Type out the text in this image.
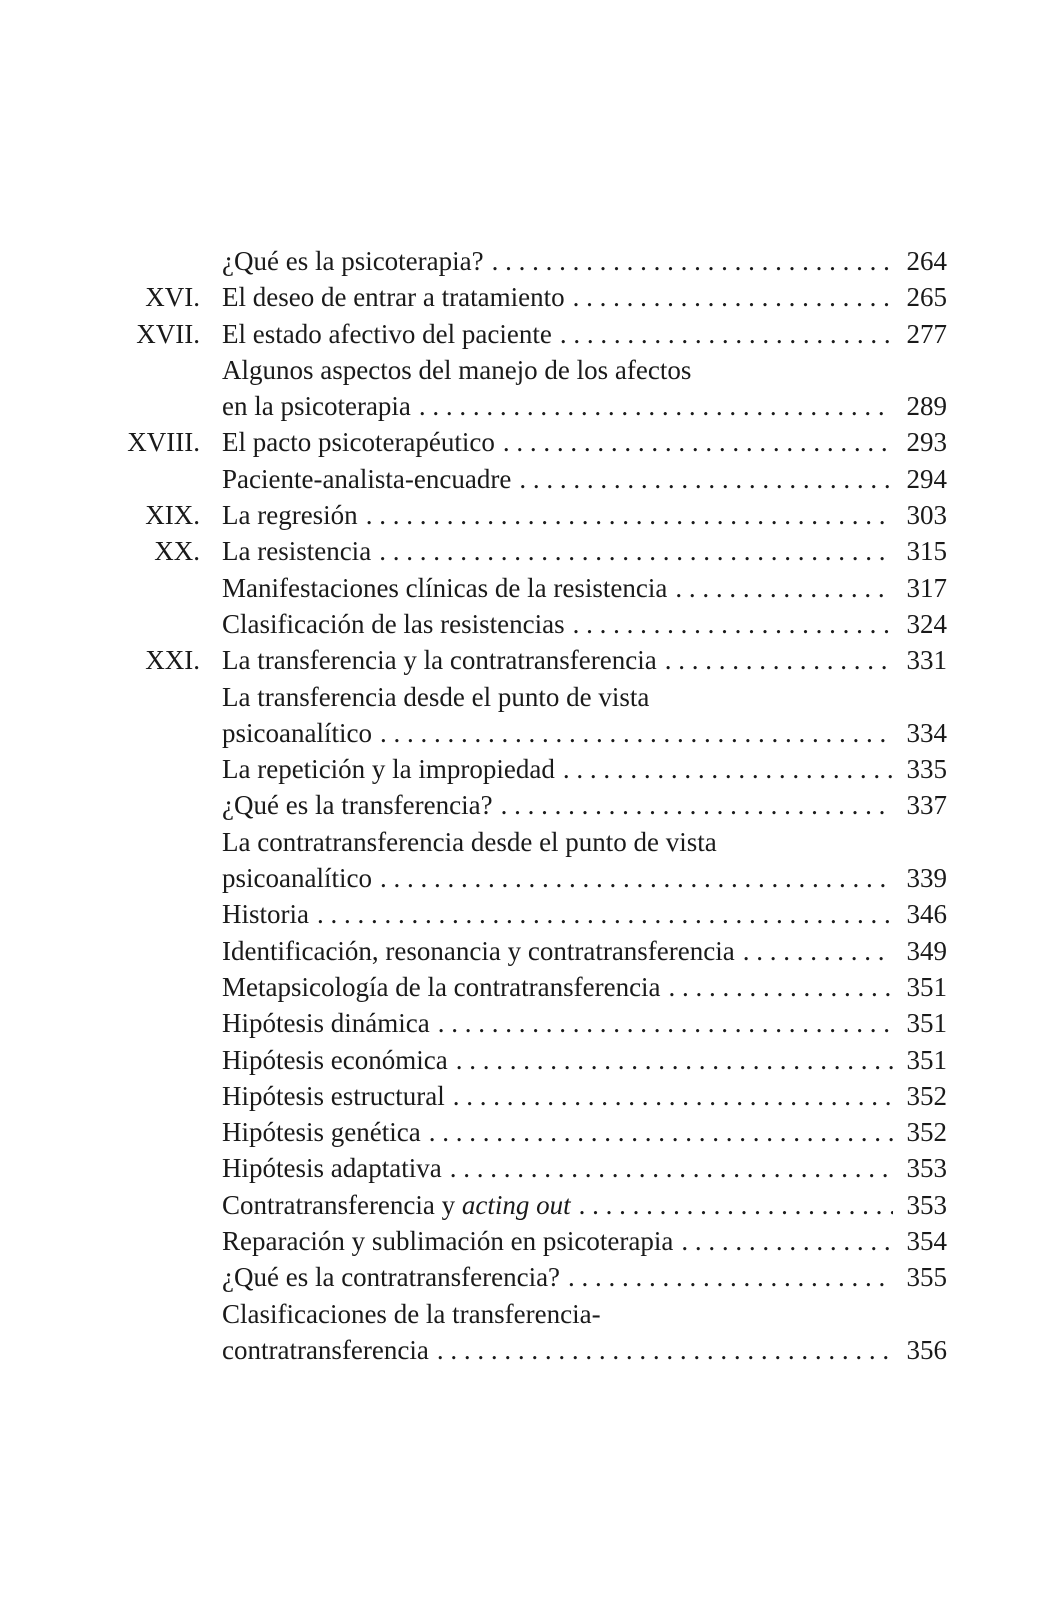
¿Qué es la psicoterapia? . . .	264
XVI. El deseo de entrar a tratamiento . . .	265
XVII. El estado afectivo del paciente . . .	277
Algunos aspectos del manejo de los afectos
en la psicoterapia . . .	289
XVIII. El pacto psicoterapéutico . . .	293
Paciente-analista-encuadre . . .	294
XIX. La regresión . . .	303
XX. La resistencia . . .	315
Manifestaciones clínicas de la resistencia . . .	317
Clasificación de las resistencias . . .	324
XXI. La transferencia y la contratransferencia . . .	331
La transferencia desde el punto de vista
psicoanalítico . . .	334
La repetición y la impropiedad . . .	335
¿Qué es la transferencia? . . .	337
La contratransferencia desde el punto de vista
psicoanalítico . . .	339
Historia . . .	346
Identificación, resonancia y contratransferencia . . .	349
Metapsicología de la contratransferencia . . .	351
Hipótesis dinámica . . .	351
Hipótesis económica . . .	351
Hipótesis estructural . . .	352
Hipótesis genética . . .	352
Hipótesis adaptativa . . .	353
Contratransferencia y acting out . . .	353
Reparación y sublimación en psicoterapia . . .	354
¿Qué es la contratransferencia? . . .	355
Clasificaciones de la transferencia-
contratransferencia . . .	356
